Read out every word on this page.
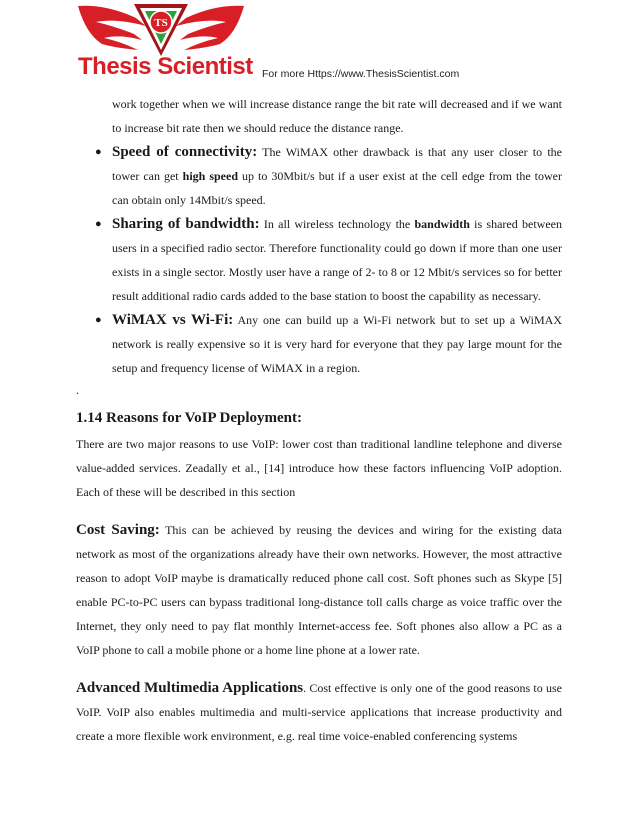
TS
Thesis Scientist For more Https://www.ThesisScientist.com

work together when we will increase distance range the bit rate will decreased and if we want to increase bit rate then we should reduce the distance range.

● Speed of connectivity: The WiMAX other drawback is that any user closer to the tower can get high speed up to 30Mbit/s but if a user exist at the cell edge from the tower can obtain only 14Mbit/s speed.
● Sharing of bandwidth: In all wireless technology the bandwidth is shared between users in a specified radio sector. Therefore functionality could go down if more than one user exists in a single sector. Mostly user have a range of 2- to 8 or 12 Mbit/s services so for better result additional radio cards added to the base station to boost the capability as necessary.
● WiMAX vs Wi-Fi: Any one can build up a Wi-Fi network but to set up a WiMAX network is really expensive so it is very hard for everyone that they pay large mount for the setup and frequency license of WiMAX in a region.
.
1.14 Reasons for VoIP Deployment:

There are two major reasons to use VoIP: lower cost than traditional landline telephone and diverse value-added services. Zeadally et al., [14] introduce how these factors influencing VoIP adoption. Each of these will be described in this section

Cost Saving: This can be achieved by reusing the devices and wiring for the existing data network as most of the organizations already have their own networks. However, the most attractive reason to adopt VoIP maybe is dramatically reduced phone call cost. Soft phones such as Skype [5] enable PC-to-PC users can bypass traditional long-distance toll calls charge as voice traffic over the Internet, they only need to pay flat monthly Internet-access fee. Soft phones also allow a PC as a VoIP phone to call a mobile phone or a home line phone at a lower rate.

Advanced Multimedia Applications. Cost effective is only one of the good reasons to use VoIP. VoIP also enables multimedia and multi-service applications that increase productivity and create a more flexible work environment, e.g. real time voice-enabled conferencing systems
